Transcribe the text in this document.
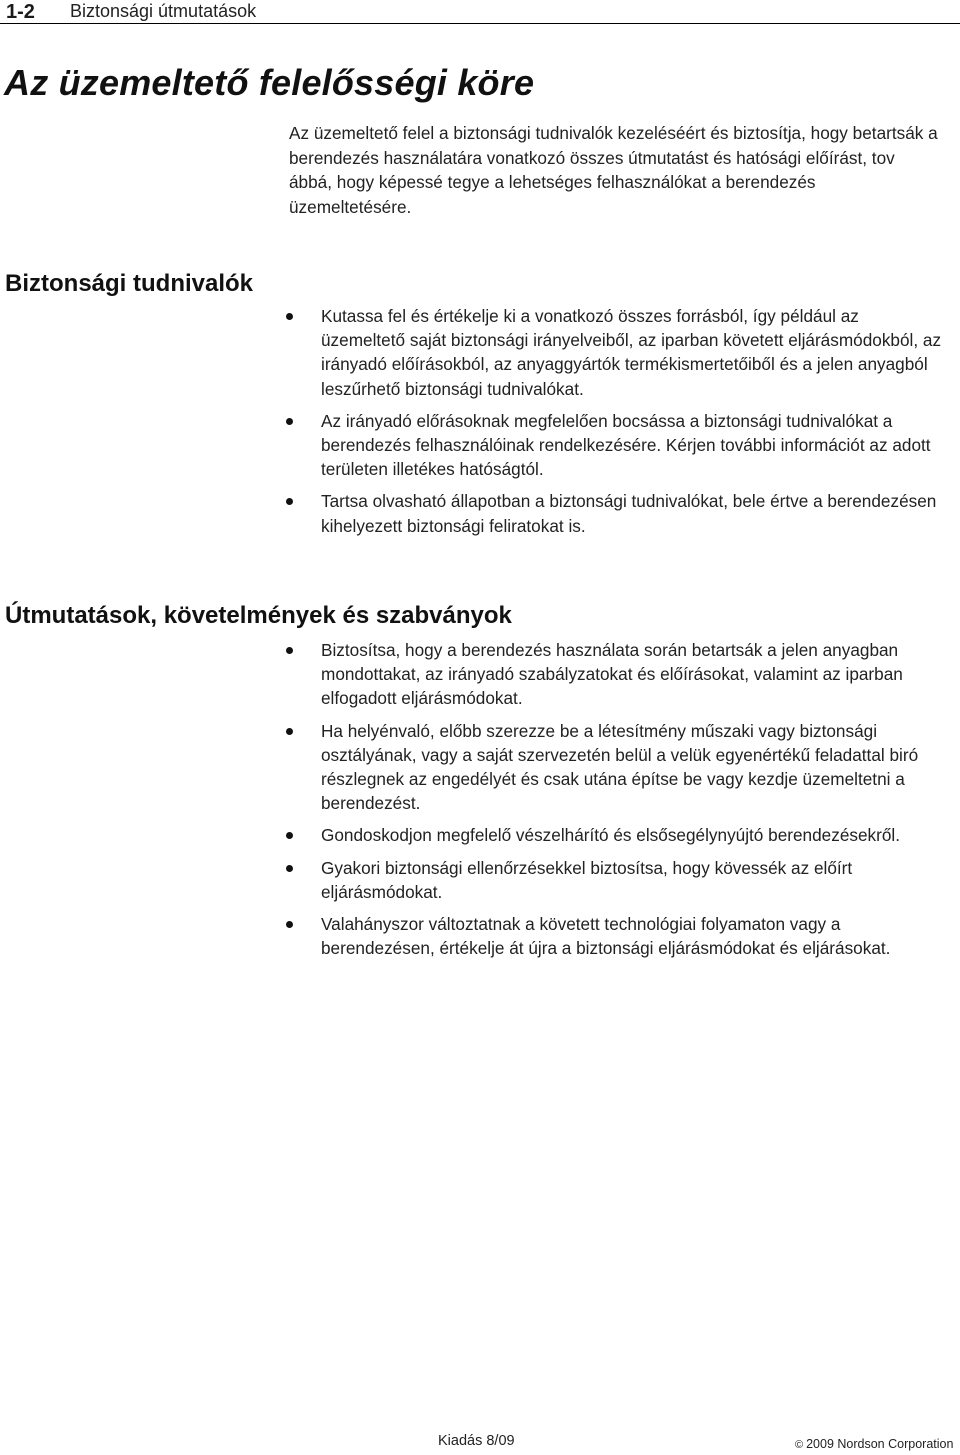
1-2 Biztonsági útmutatások
Az üzemeltető felelősségi köre

Az üzemeltető felel a biztonsági tudnivalók kezeléséért és biztosítja, hogy betartsák a berendezés használatára vonatkozó összes útmutatást és hatósági előírást, tov ábbá, hogy képessé tegye a lehetséges felhasználókat a berendezés üzemeltetésére.

Biztonsági tudnivalók
Kutassa fel és értékelje ki a vonatkozó összes forrásból, így például az üzemeltető saját biztonsági irányelveiből, az iparban követett eljárásmódokból, az irányadó előírásokból, az anyaggyártók termékismertetőiből és a jelen anyagból leszűrhető biztonsági tudnivalókat.
Az irányadó előrásoknak megfelelően bocsássa a biztonsági tudnivalókat a berendezés felhasználóinak rendelkezésére. Kérjen további információt az adott területen illetékes hatóságtól.
Tartsa olvasható állapotban a biztonsági tudnivalókat, bele értve a berendezésen kihelyezett biztonsági feliratokat is.
Útmutatások, követelmények és szabványok
Biztosítsa, hogy a berendezés használata során betartsák a jelen anyagban mondottakat, az irányadó szabályzatokat és előírásokat, valamint az iparban elfogadott eljárásmódokat.
Ha helyénvaló, előbb szerezze be a létesítmény műszaki vagy biztonsági osztályának, vagy a saját szervezetén belül a velük egyenértékű feladattal biró részlegnek az engedélyét és csak utána építse be vagy kezdje üzemeltetni a berendezést.
Gondoskodjon megfelelő vészelhárító és elsősegélynyújtó berendezésekről.
Gyakori biztonsági ellenőrzésekkel biztosítsa, hogy kövessék az előírt eljárásmódokat.
Valahányszor változtatnak a követett technológiai folyamaton vagy a berendezésen, értékelje át újra a biztonsági eljárásmódokat és eljárásokat.
Kiadás 8/09	© 2009 Nordson Corporation
